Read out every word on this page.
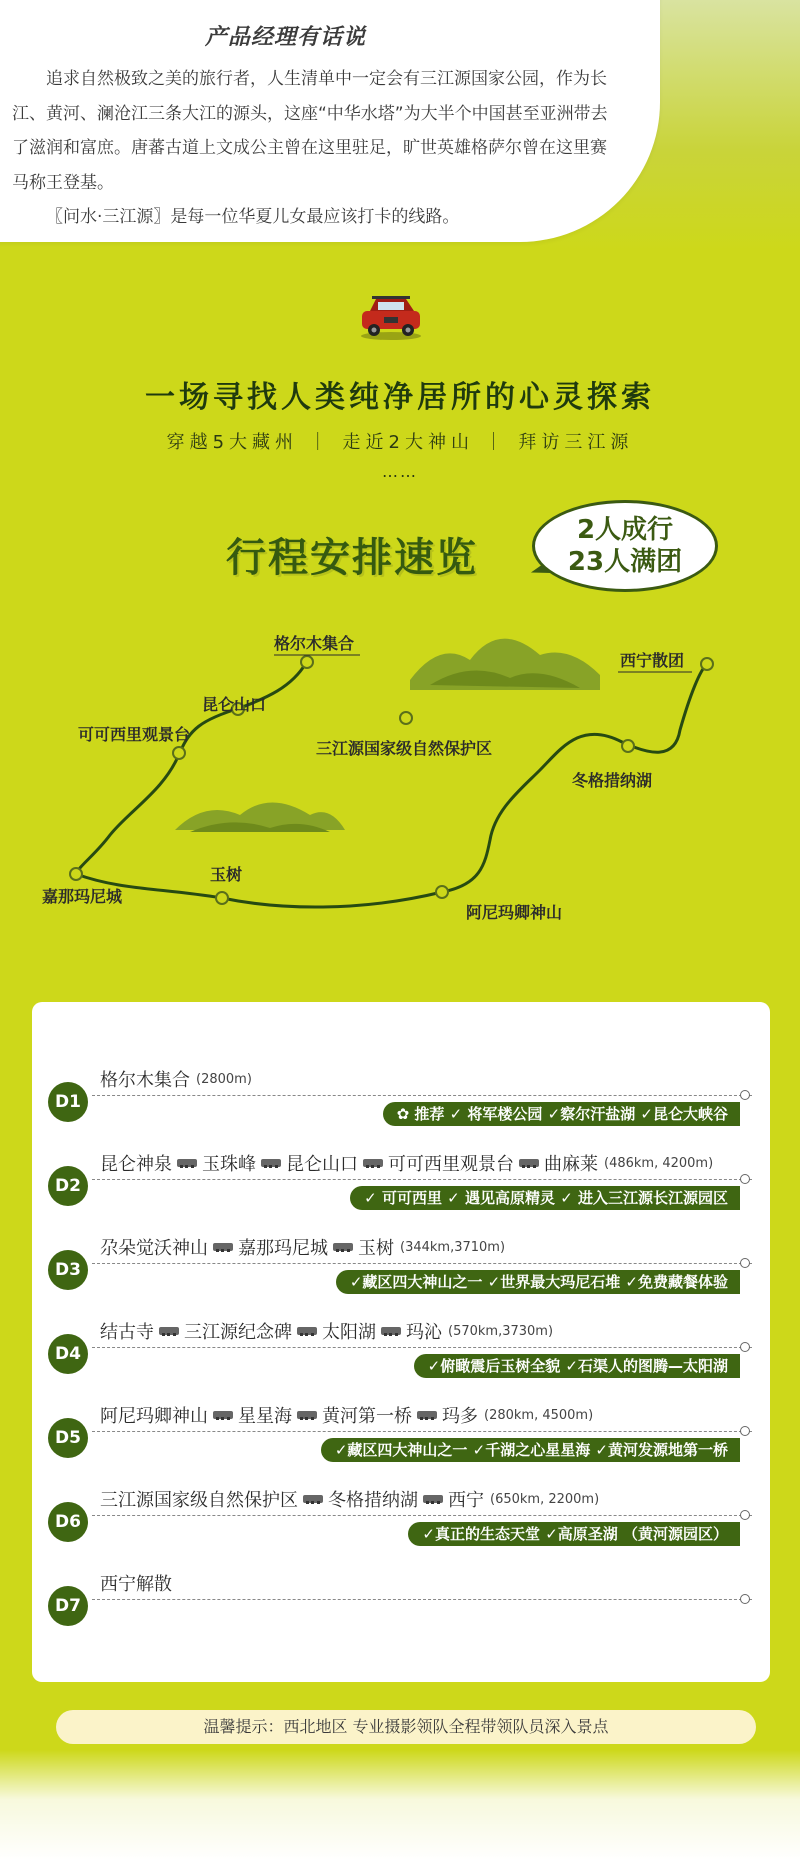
产品经理有话说

追求自然极致之美的旅行者，人生清单中一定会有三江源国家公园，作为长江、黄河、澜沧江三条大江的源头，这座“中华水塔”为大半个中国甚至亚洲带去了滋润和富庶。唐蕃古道上文成公主曾在这里驻足，旷世英雄格萨尔曾在这里赛马称王登基。

〖问水·三江源〗是每一位华夏儿女最应该打卡的线路。

一场寻找人类纯净居所的心灵探索
穿越5大藏州 ｜ 走近2大神山 ｜ 拜访三江源
……
行程安排速览
2人成行
23人满团
格尔木集合
昆仑山口
可可西里观景台
三江源国家级自然保护区
西宁散团
冬格措纳湖
嘉那玛尼城
玉树
阿尼玛卿神山
D1
格尔木集合 (2800m)
✿ 推荐 ✓ 将军楼公园 ✓察尔汗盐湖 ✓昆仑大峡谷
D2
昆仑神泉 玉珠峰 昆仑山口 可可西里观景台 曲麻莱 (486km, 4200m)
✓ 可可西里 ✓ 遇见高原精灵 ✓ 进入三江源长江源园区
D3
尕朵觉沃神山 嘉那玛尼城 玉树 (344km,3710m)
✓藏区四大神山之一 ✓世界最大玛尼石堆 ✓免费藏餐体验
D4
结古寺 三江源纪念碑 太阳湖 玛沁 (570km,3730m)
✓俯瞰震后玉树全貌 ✓石渠人的图腾—太阳湖
D5
阿尼玛卿神山 星星海 黄河第一桥 玛多 (280km, 4500m)
✓藏区四大神山之一 ✓千湖之心星星海 ✓黄河发源地第一桥
D6
三江源国家级自然保护区 冬格措纳湖 西宁 (650km, 2200m)
✓真正的生态天堂 ✓高原圣湖 （黄河源园区）
D7
西宁解散
温馨提示：西北地区 专业摄影领队全程带领队员深入景点
